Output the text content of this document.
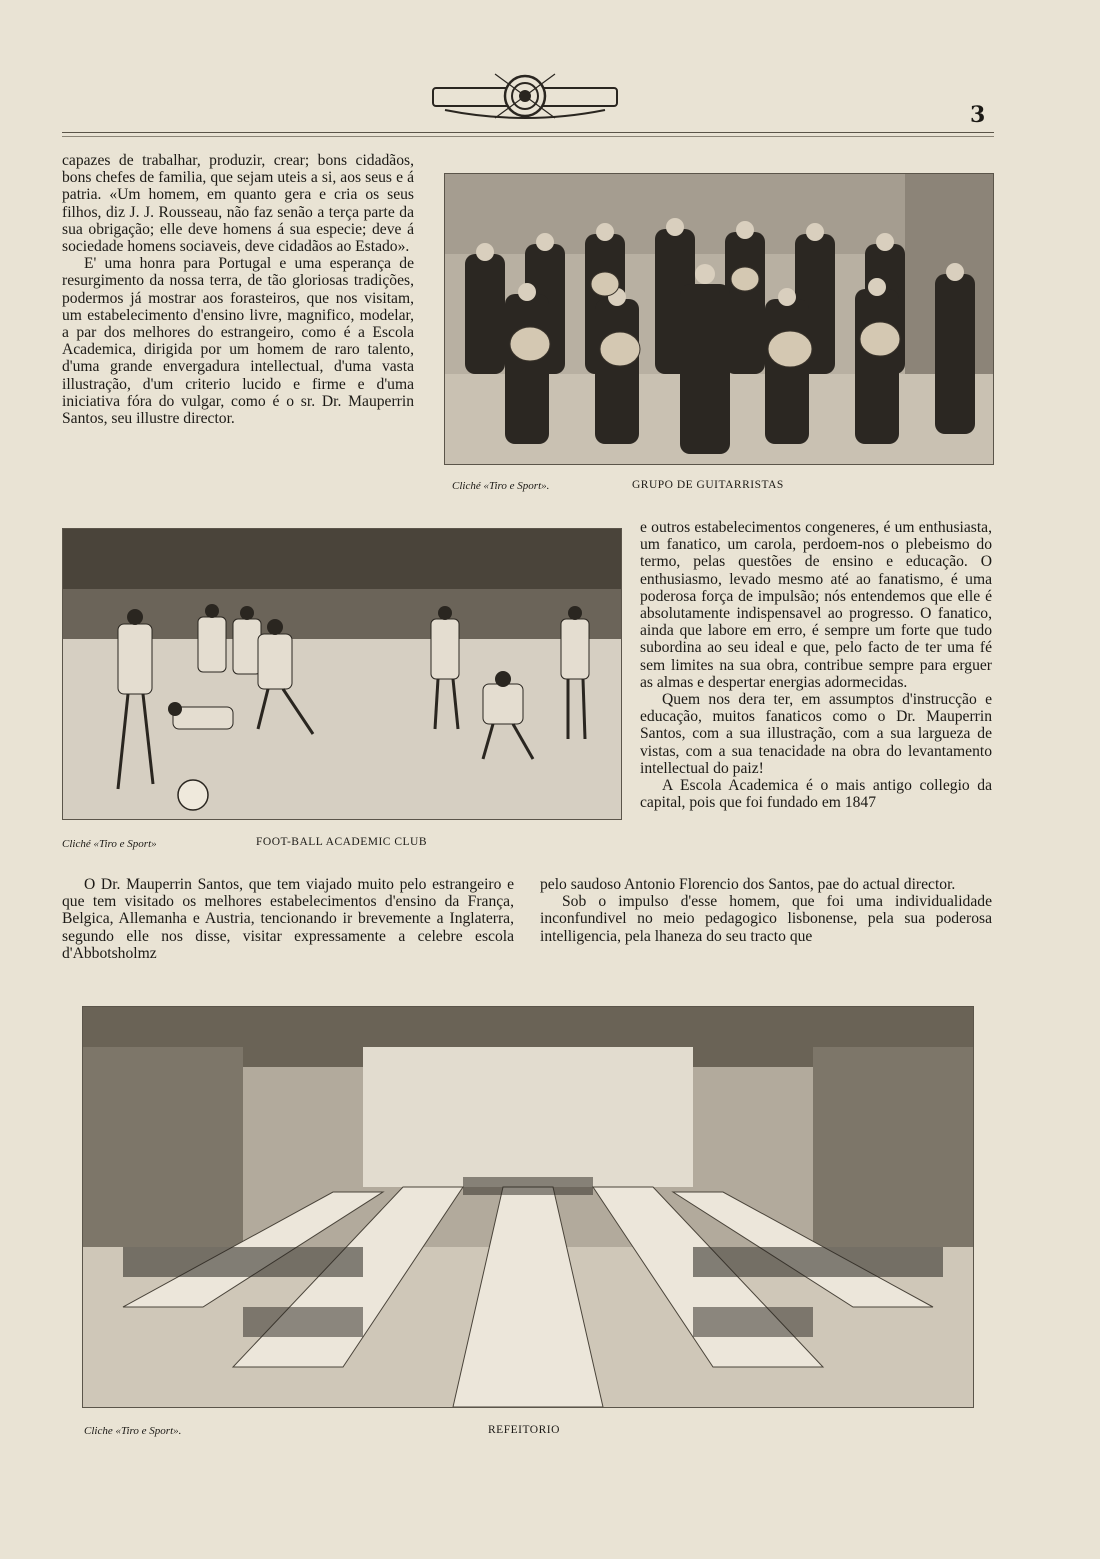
3

capazes de trabalhar, produzir, crear; bons cidadãos, bons chefes de familia, que sejam uteis a si, aos seus e á patria. «Um homem, em quanto gera e cria os seus filhos, diz J. J. Rousseau, não faz senão a terça parte da sua obrigação; elle deve homens á sua especie; deve á sociedade homens sociaveis, deve cidadãos ao Estado».

E' uma honra para Portugal e uma esperança de resurgimento da nossa terra, de tão gloriosas tradições, podermos já mostrar aos forasteiros, que nos visitam, um estabelecimento d'ensino livre, magnifico, modelar, a par dos melhores do estrangeiro, como é a Escola Academica, dirigida por um homem de raro talento, d'uma grande envergadura intellectual, d'uma vasta illustração, d'um criterio lucido e firme e d'uma iniciativa fóra do vulgar, como é o sr. Dr. Mauperrin Santos, seu illustre director.

Cliché «Tiro e Sport».	GRUPO DE GUITARRISTAS
Cliché «Tiro e Sport»	FOOT-BALL ACADEMIC CLUB

e outros estabelecimentos congeneres, é um enthusiasta, um fanatico, um carola, perdoem-nos o plebeismo do termo, pelas questões de ensino e educação. O enthusiasmo, levado mesmo até ao fanatismo, é uma poderosa força de impulsão; nós entendemos que elle é absolutamente indispensavel ao progresso. O fanatico, ainda que labore em erro, é sempre um forte que tudo subordina ao seu ideal e que, pelo facto de ter uma fé sem limites na sua obra, contribue sempre para erguer as almas e despertar energias adormecidas.

Quem nos dera ter, em assumptos d'instrucção e educação, muitos fanaticos como o Dr. Mauperrin Santos, com a sua illustração, com a sua largueza de vistas, com a sua tenacidade na obra do levantamento intellectual do paiz!

A Escola Academica é o mais antigo collegio da capital, pois que foi fundado em 1847

O Dr. Mauperrin Santos, que tem viajado muito pelo estrangeiro e que tem visitado os melhores estabelecimentos d'ensino da França, Belgica, Allemanha e Austria, tencionando ir brevemente a Inglaterra, segundo elle nos disse, visitar expressamente a celebre escola d'Abbotsholmz

pelo saudoso Antonio Florencio dos Santos, pae do actual director.

Sob o impulso d'esse homem, que foi uma individualidade inconfundivel no meio pedagogico lisbonense, pela sua poderosa intelligencia, pela lhaneza do seu tracto que

Cliche «Tiro e Sport».	REFEITORIO
